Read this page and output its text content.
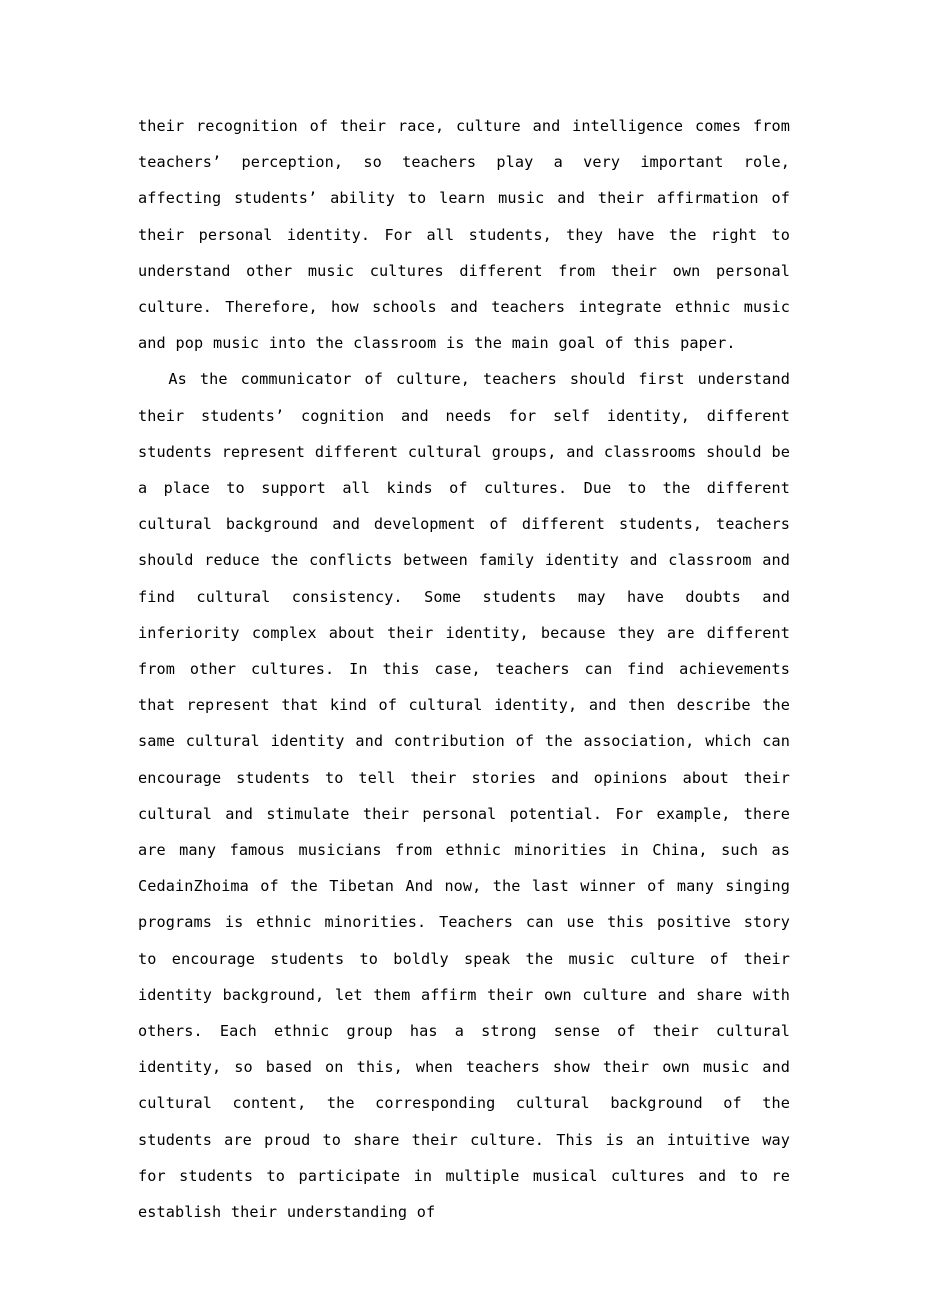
their recognition of their race, culture and intelligence comes from teachers’ perception, so teachers play a very important role, affecting students’ ability to learn music and their affirmation of their personal identity. For all students, they have the right to understand other music cultures different from their own personal culture. Therefore, how schools and teachers integrate ethnic music and pop music into the classroom is the main goal of this paper.

As the communicator of culture, teachers should first understand their students’ cognition and needs for self identity, different students represent different cultural groups, and classrooms should be a place to support all kinds of cultures. Due to the different cultural background and development of different students, teachers should reduce the conflicts between family identity and classroom and find cultural consistency. Some students may have doubts and inferiority complex about their identity, because they are different from other cultures. In this case, teachers can find achievements that represent that kind of cultural identity, and then describe the same cultural identity and contribution of the association, which can encourage students to tell their stories and opinions about their cultural and stimulate their personal potential. For example, there are many famous musicians from ethnic minorities in China, such as CedainZhoima of the Tibetan And now, the last winner of many singing programs is ethnic minorities. Teachers can use this positive story to encourage students to boldly speak the music culture of their identity background, let them affirm their own culture and share with others. Each ethnic group has a strong sense of their cultural identity, so based on this, when teachers show their own music and cultural content, the corresponding cultural background of the students are proud to share their culture. This is an intuitive way for students to participate in multiple musical cultures and to re establish their understanding of
